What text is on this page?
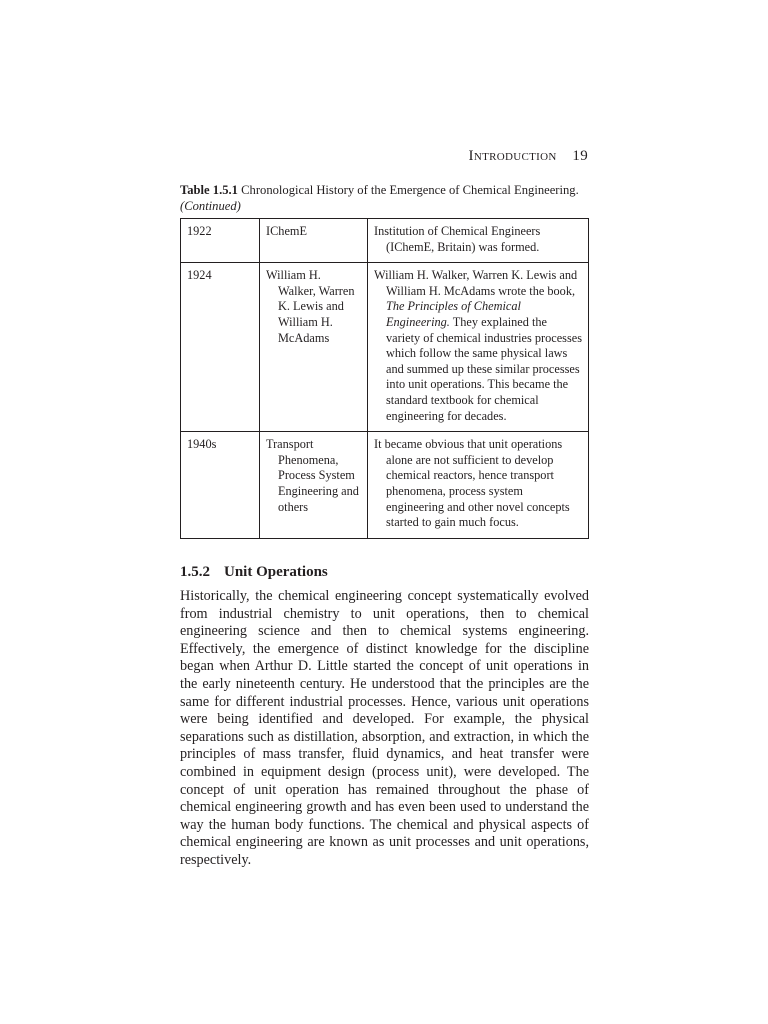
Introduction 19
Table 1.5.1 Chronological History of the Emergence of Chemical Engineering.
(Continued)
1922	IChemE	Institution of Chemical Engineers (IChemE, Britain) was formed.

1924	William H. Walker, Warren K. Lewis and William H. McAdams	William H. Walker, Warren K. Lewis and William H. McAdams wrote the book, The Principles of Chemical Engineering. They explained the variety of chemical industries processes which follow the same physical laws and summed up these similar processes into unit operations. This became the standard textbook for chemical engineering for decades.

1940s	Transport Phenomena, Process System Engineering and others	It became obvious that unit operations alone are not sufficient to develop chemical reactors, hence transport phenomena, process system engineering and other novel concepts started to gain much focus.
1.5.2 Unit Operations

Historically, the chemical engineering concept systematically evolved from industrial chemistry to unit operations, then to chemical engineering science and then to chemical systems engineering. Effectively, the emergence of distinct knowledge for the discipline began when Arthur D. Little started the concept of unit operations in the early nineteenth century. He understood that the principles are the same for different industrial processes. Hence, various unit operations were being identified and developed. For example, the physical separations such as distillation, absorption, and extraction, in which the principles of mass transfer, fluid dynamics, and heat transfer were combined in equipment design (process unit), were developed. The concept of unit operation has remained throughout the phase of chemical engineering growth and has even been used to understand the way the human body functions. The chemical and physical aspects of chemical engineering are known as unit processes and unit operations, respectively.
